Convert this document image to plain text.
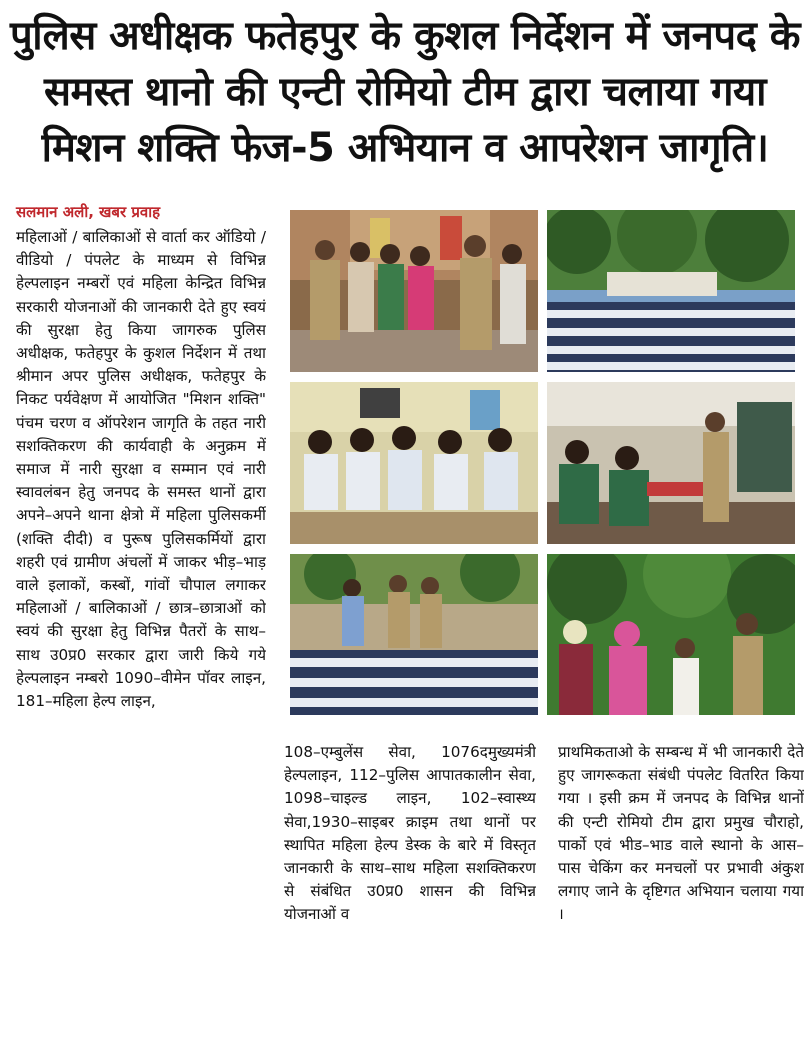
पुलिस अधीक्षक फतेहपुर के कुशल निर्देशन में जनपद के
समस्त थानो की एन्टी रोमियो टीम द्वारा चलाया गया
मिशन शक्ति फेज-5 अभियान व आपरेशन जागृति।
सलमान अली, खबर प्रवाह
महिलाओं / बालिकाओं से वार्ता कर ऑडियो / वीडियो / पंपलेट के माध्यम से विभिन्न हेल्पलाइन नम्बरों एवं महिला केन्द्रित विभिन्न सरकारी योजनाओं की जानकारी देते हुए स्वयं की सुरक्षा हेतु किया जागरुक पुलिस अधीक्षक, फतेहपुर के कुशल निर्देशन में तथा श्रीमान अपर पुलिस अधीक्षक, फतेहपुर के निकट पर्यवेक्षण में आयोजित "मिशन शक्ति" पंचम चरण व ऑपरेशन जागृति के तहत नारी सशक्तिकरण की कार्यवाही के अनुक्रम में समाज में नारी सुरक्षा व सम्मान एवं नारी स्वावलंबन हेतु जनपद के समस्त थानों द्वारा अपने–अपने थाना क्षेत्रो में महिला पुलिसकर्मी (शक्ति दीदी) व पुरूष पुलिसकर्मियों द्वारा शहरी एवं ग्रामीण अंचलों में जाकर भीड़–भाड़ वाले इलाकों, कस्बों, गांवों चौपाल लगाकर महिलाओं / बालिकाओं / छात्र–छात्राओं को स्वयं की सुरक्षा हेतु विभिन्न पैतरों के साथ–साथ उ0प्र0 सरकार द्वारा जारी किये गये हेल्पलाइन नम्बरो 1090–वीमेन पॉवर लाइन, 181–महिला हेल्प लाइन,
108–एम्बुलेंस सेवा, 1076दमुख्यमंत्री हेल्पलाइन, 112–पुलिस आपातकालीन सेवा, 1098–चाइल्ड लाइन, 102–स्वास्थ्य सेवा,1930–साइबर क्राइम तथा थानों पर स्थापित महिला हेल्प डेस्क के बारे में विस्तृत जानकारी के साथ–साथ महिला सशक्तिकरण से संबंधित उ0प्र0 शासन की विभिन्न योजनाओं व
प्राथमिकताओ के सम्बन्ध में भी जानकारी देते हुए जागरूकता संबंधी पंपलेट वितरित किया गया । इसी क्रम में जनपद के विभिन्न थानों की एन्टी रोमियो टीम द्वारा प्रमुख चौराहो, पार्को एवं भीड–भाड वाले स्थानो के आस–पास चेकिंग कर मनचलों पर प्रभावी अंकुश लगाए जाने के दृष्टिगत अभियान चलाया गया ।
